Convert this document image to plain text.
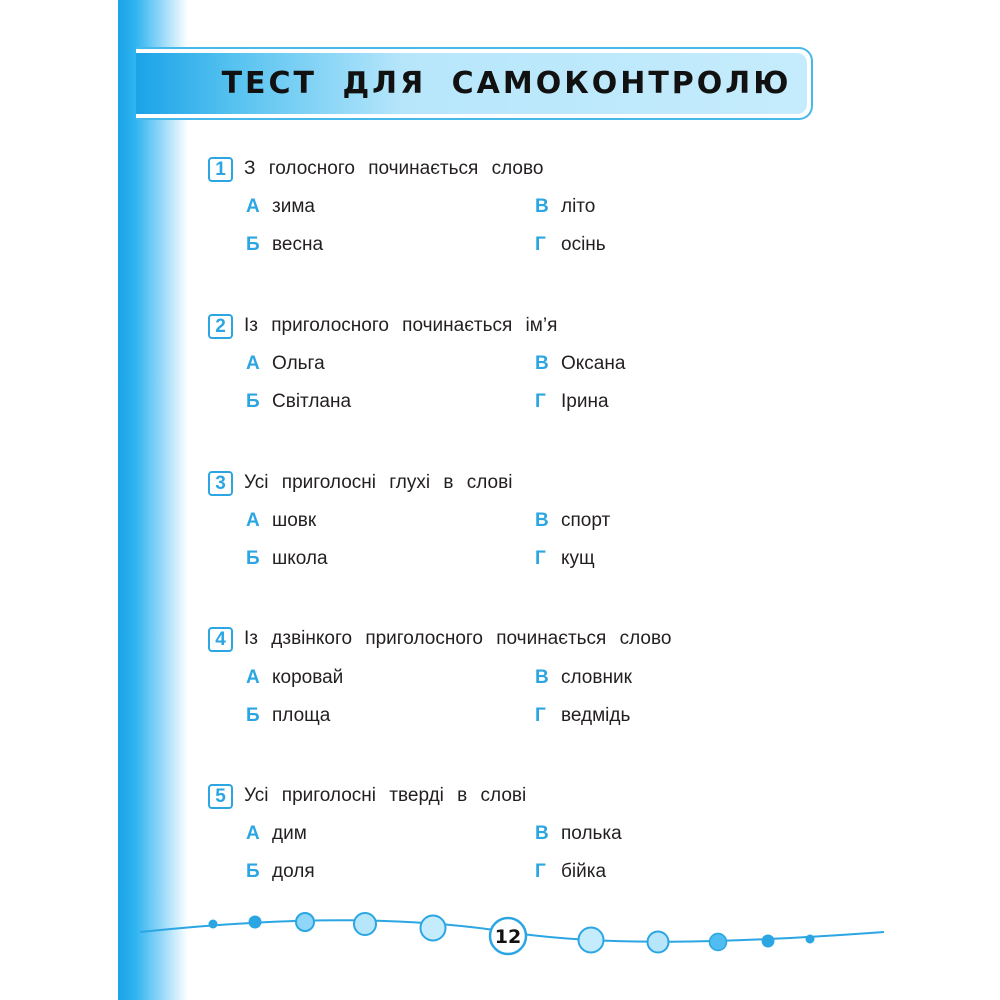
ТЕСТ ДЛЯ САМОКОНТРОЛЮ
1 З голосного починається слово
А зима
Б весна
В літо
Г осінь
2 Із приголосного починається ім’я
А Ольга
Б Світлана
В Оксана
Г Ірина
3 Усі приголосні глухі в слові
А шовк
Б школа
В спорт
Г кущ
4 Із дзвінкого приголосного починається слово
А коровай
Б площа
В словник
Г ведмідь
5 Усі приголосні тверді в слові
А дим
Б доля
В полька
Г бійка
12
